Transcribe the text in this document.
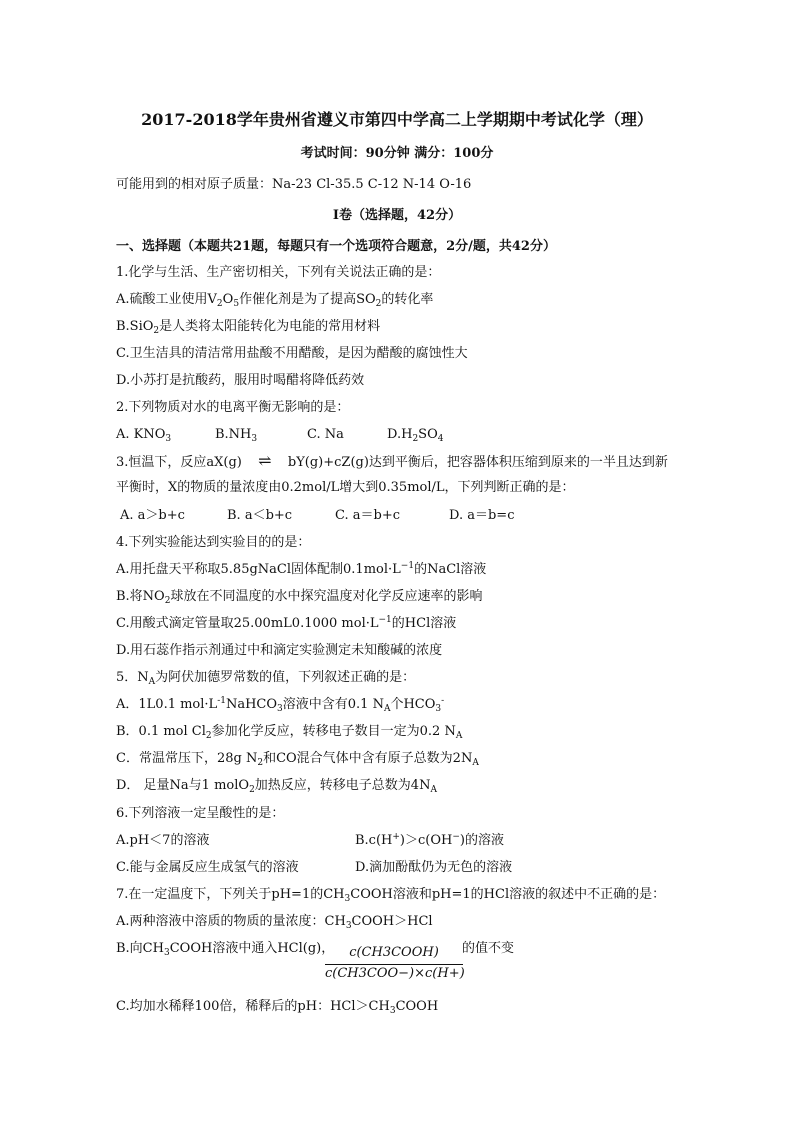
2017-2018学年贵州省遵义市第四中学高二上学期期中考试化学（理）
考试时间：90分钟 满分：100分
可能用到的相对原子质量：Na-23 Cl-35.5 C-12 N-14 O-16
I卷（选择题，42分）
一、选择题（本题共21题，每题只有一个选项符合题意，2分/题，共42分）
1.化学与生活、生产密切相关，下列有关说法正确的是：
A.硫酸工业使用$V_2O_5$作催化剂是为了提高$SO_2$的转化率
B.SiO$_2$是人类将太阳能转化为电能的常用材料
C.卫生洁具的清洁常用盐酸不用醋酸，是因为醋酸的腐蚀性大
D.小苏打是抗酸药，服用时喝醋将降低药效
2.下列物质对水的电离平衡无影响的是：
A. $KNO_3$	$B.NH_3$	C. Na	$D.H_2SO_4$
3.恒温下，反应aX(g) ⇌ bY(g)+cZ(g)达到平衡后，把容器体积压缩到原来的一半且达到新
平衡时，X的物质的量浓度由0.2mol/L增大到0.35mol/L，下列判断正确的是：
A. a＞b+c	B. a＜b+c	C. a＝b+c	D. a＝b=c
4.下列实验能达到实验目的的是：
A.用托盘天平称取5.85gNaCl固体配制$0.1mol\cdot L^{-1}$的NaCl溶液
B.将$NO_2$球放在不同温度的水中探究温度对化学反应速率的影响
C.用酸式滴定管量取25.00mL0.1000 $mol\cdot L^{-1}$的HCl溶液
D.用石蕊作指示剂通过中和滴定实验测定未知酸碱的浓度
5．$N_A$为阿伏加德罗常数的值，下列叙述正确的是：
A．1L0.1 $mol\cdot L^{-1}NaHCO_3$溶液中含有0.1 $N_A$个$HCO_3^-$
B．0.1 mol $Cl_2$参加化学反应，转移电子数目一定为0.2 $N_A$
C．常温常压下，28g $N_2$和CO混合气体中含有原子总数为$2N_A$
D． 足量Na与1 molO$_2$加热反应，转移电子总数为$4N_A$
6.下列溶液一定呈酸性的是：
A.pH＜7的溶液	B.c(H+)＞c(OH−)的溶液
C.能与金属反应生成氢气的溶液	D.滴加酚酞仍为无色的溶液
7.在一定温度下，下列关于pH=1的$CH_3COOH$溶液和pH=1的HCl溶液的叙述中不正确的是：
A.两种溶液中溶质的物质的量浓度：$CH_3COOH>HCl$
B.向$CH_3COOH$溶液中通入HCl(g)，	c(CH3COOH)
c(CH3COO−)×c(H+)
的值不变
C.均加水稀释100倍，稀释后的pH：$HCl>CH_3COOH$
